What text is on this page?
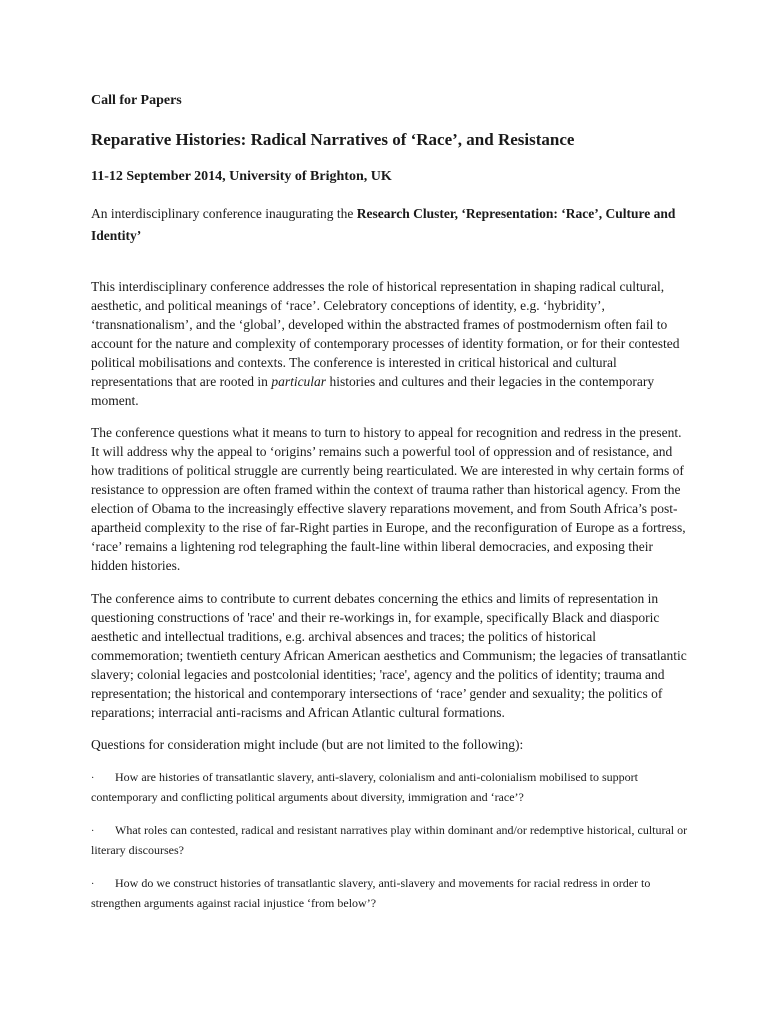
Call for Papers
Reparative Histories: Radical Narratives of ‘Race’, and Resistance
11-12 September 2014, University of Brighton, UK
An interdisciplinary conference inaugurating the Research Cluster, ‘Representation: ‘Race’, Culture and Identity’
This interdisciplinary conference addresses the role of historical representation in shaping radical cultural, aesthetic, and political meanings of ‘race’. Celebratory conceptions of identity, e.g. ‘hybridity’, ‘transnationalism’, and the ‘global’, developed within the abstracted frames of postmodernism often fail to account for the nature and complexity of contemporary processes of identity formation, or for their contested political mobilisations and contexts. The conference is interested in critical historical and cultural representations that are rooted in particular histories and cultures and their legacies in the contemporary moment.
The conference questions what it means to turn to history to appeal for recognition and redress in the present. It will address why the appeal to ‘origins’ remains such a powerful tool of oppression and of resistance, and how traditions of political struggle are currently being rearticulated. We are interested in why certain forms of resistance to oppression are often framed within the context of trauma rather than historical agency. From the election of Obama to the increasingly effective slavery reparations movement, and from South Africa’s post-apartheid complexity to the rise of far-Right parties in Europe, and the reconfiguration of Europe as a fortress, ‘race’ remains a lightening rod telegraphing the fault-line within liberal democracies, and exposing their hidden histories.
The conference aims to contribute to current debates concerning the ethics and limits of representation in questioning constructions of 'race' and their re-workings in, for example, specifically Black and diasporic aesthetic and intellectual traditions, e.g. archival absences and traces; the politics of historical commemoration; twentieth century African American aesthetics and Communism; the legacies of transatlantic slavery; colonial legacies and postcolonial identities; 'race', agency and the politics of identity; trauma and representation; the historical and contemporary intersections of ‘race’ gender and sexuality; the politics of reparations; interracial anti-racisms and African Atlantic cultural formations.
Questions for consideration might include (but are not limited to the following):
· How are histories of transatlantic slavery, anti-slavery, colonialism and anti-colonialism mobilised to support contemporary and conflicting political arguments about diversity, immigration and ‘race’?
· What roles can contested, radical and resistant narratives play within dominant and/or redemptive historical, cultural or literary discourses?
· How do we construct histories of transatlantic slavery, anti-slavery and movements for racial redress in order to strengthen arguments against racial injustice ‘from below’?
